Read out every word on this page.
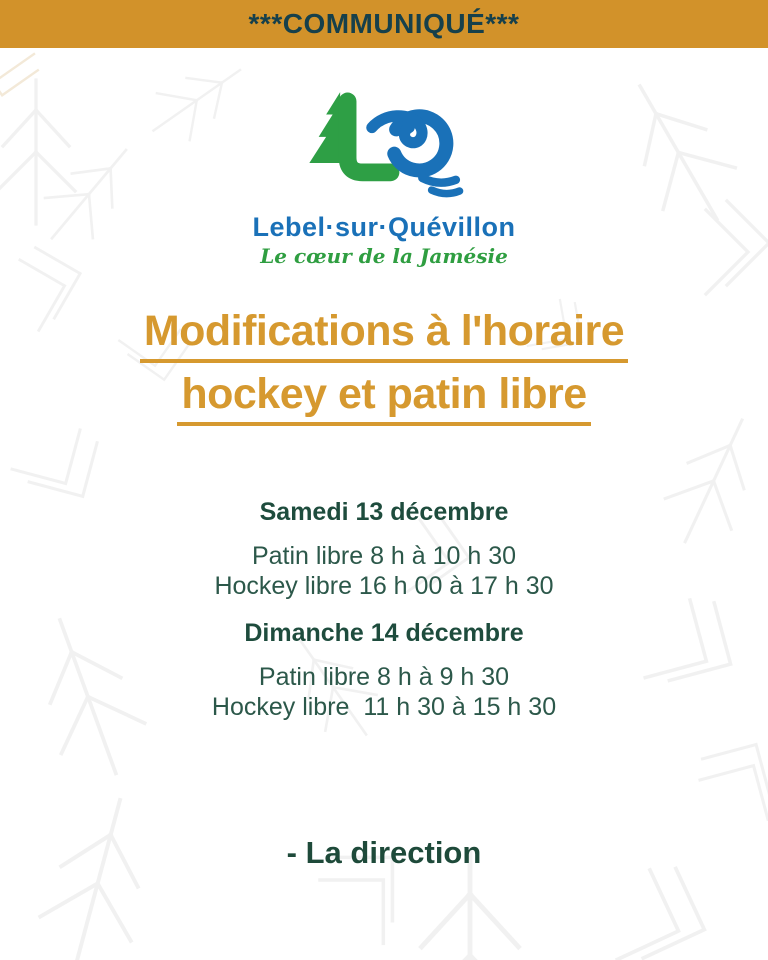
***COMMUNIQUÉ***
Lebel·sur·Quévillon
Le cœur de la Jamésie
Modifications à l'horaire
hockey et patin libre
Samedi 13 décembre
Patin libre 8 h à 10 h 30
Hockey libre 16 h 00 à 17 h 30
Dimanche 14 décembre
Patin libre 8 h à 9 h 30
Hockey libre  11 h 30 à 15 h 30
- La direction
